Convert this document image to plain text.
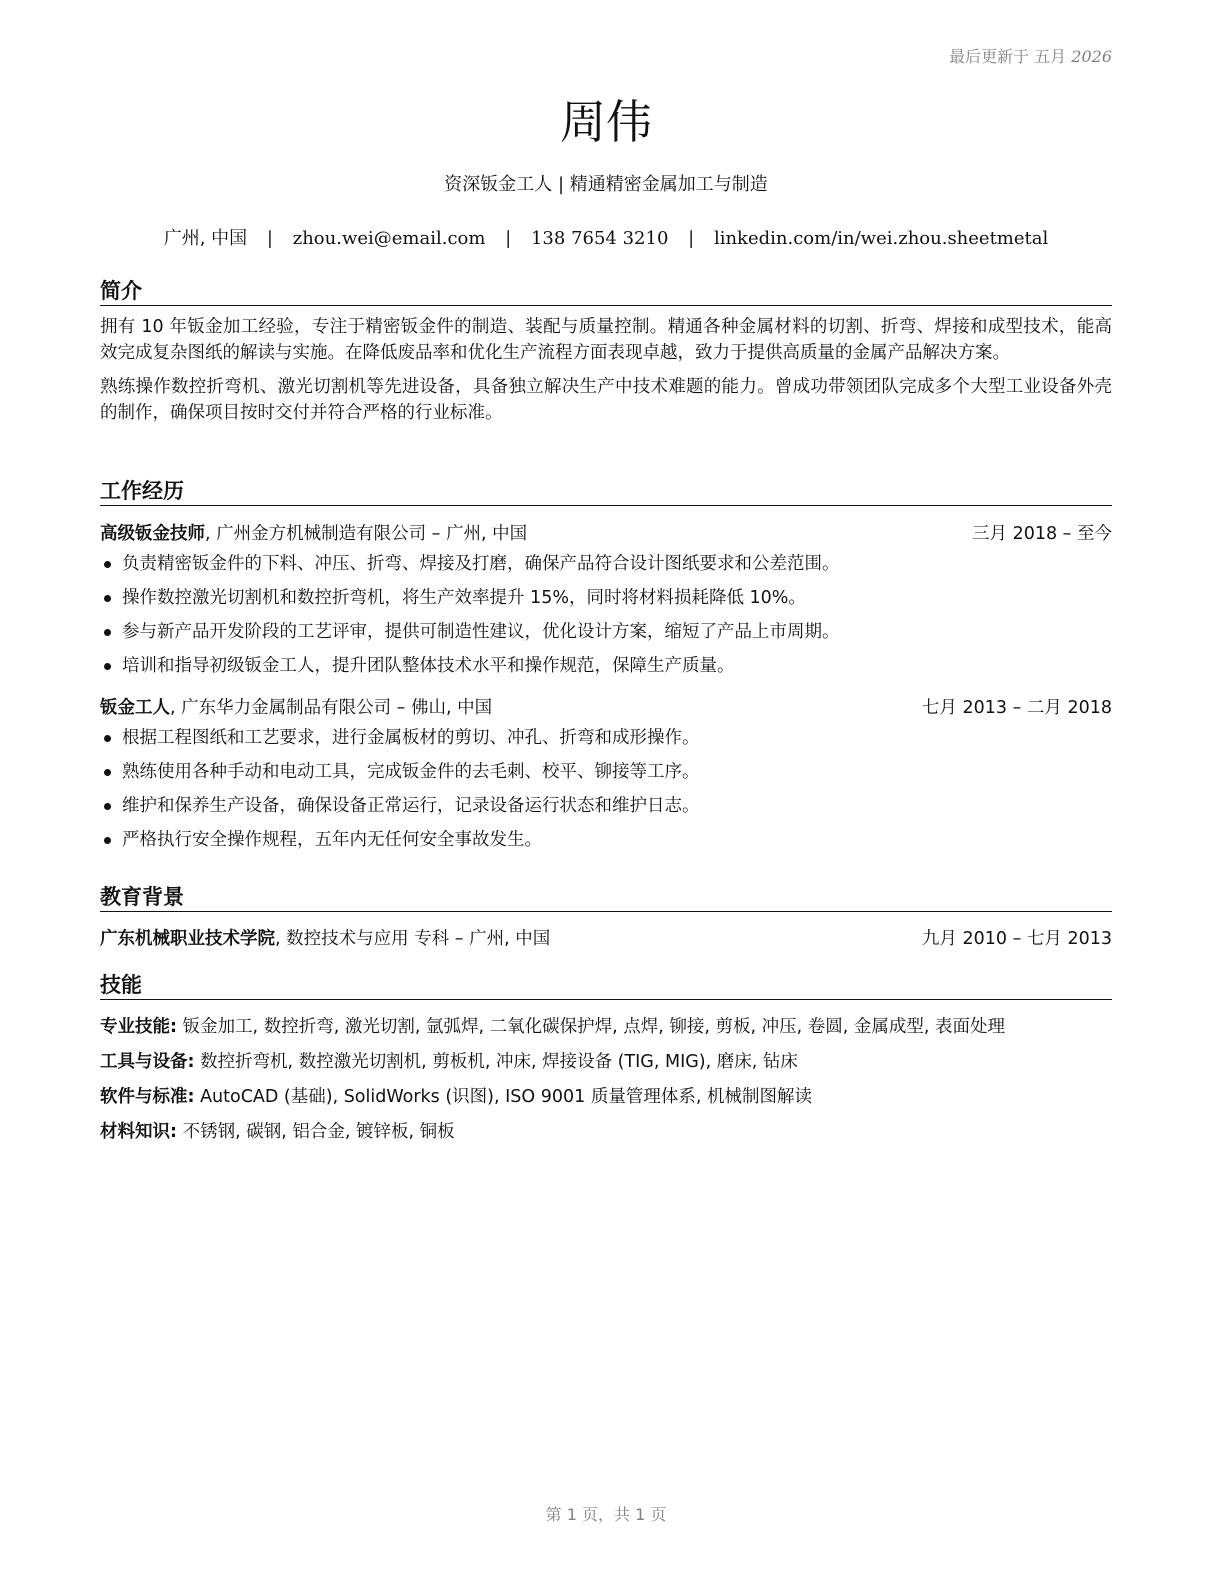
最后更新于 五月 2026
周伟
资深钣金工人 | 精通精密金属加工与制造
广州, 中国 | zhou.wei@email.com | 138 7654 3210 | linkedin.com/in/wei.zhou.sheetmetal
简介
拥有 10 年钣金加工经验，专注于精密钣金件的制造、装配与质量控制。精通各种金属材料的切割、折弯、焊接和成型技术，能高效完成复杂图纸的解读与实施。在降低废品率和优化生产流程方面表现卓越，致力于提供高质量的金属产品解决方案。
熟练操作数控折弯机、激光切割机等先进设备，具备独立解决生产中技术难题的能力。曾成功带领团队完成多个大型工业设备外壳的制作，确保项目按时交付并符合严格的行业标准。
工作经历
高级钣金技师, 广州金方机械制造有限公司 – 广州, 中国	三月 2018 – 至今
负责精密钣金件的下料、冲压、折弯、焊接及打磨，确保产品符合设计图纸要求和公差范围。
操作数控激光切割机和数控折弯机，将生产效率提升 15%，同时将材料损耗降低 10%。
参与新产品开发阶段的工艺评审，提供可制造性建议，优化设计方案，缩短了产品上市周期。
培训和指导初级钣金工人，提升团队整体技术水平和操作规范，保障生产质量。
钣金工人, 广东华力金属制品有限公司 – 佛山, 中国	七月 2013 – 二月 2018
根据工程图纸和工艺要求，进行金属板材的剪切、冲孔、折弯和成形操作。
熟练使用各种手动和电动工具，完成钣金件的去毛刺、校平、铆接等工序。
维护和保养生产设备，确保设备正常运行，记录设备运行状态和维护日志。
严格执行安全操作规程，五年内无任何安全事故发生。
教育背景
广东机械职业技术学院, 数控技术与应用 专科 – 广州, 中国	九月 2010 – 七月 2013
技能
专业技能: 钣金加工, 数控折弯, 激光切割, 氩弧焊, 二氧化碳保护焊, 点焊, 铆接, 剪板, 冲压, 卷圆, 金属成型, 表面处理
工具与设备: 数控折弯机, 数控激光切割机, 剪板机, 冲床, 焊接设备 (TIG, MIG), 磨床, 钻床
软件与标准: AutoCAD (基础), SolidWorks (识图), ISO 9001 质量管理体系, 机械制图解读
材料知识: 不锈钢, 碳钢, 铝合金, 镀锌板, 铜板
第 1 页，共 1 页
